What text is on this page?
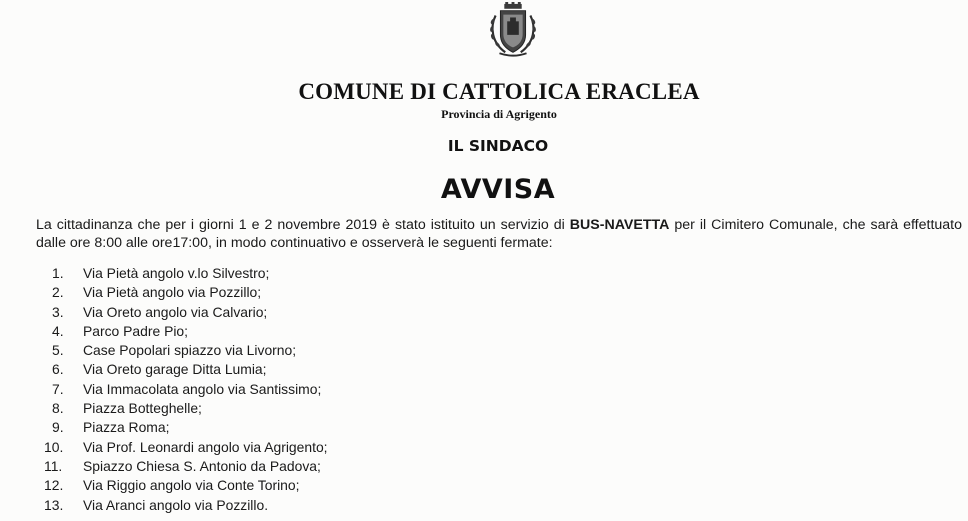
COMUNE DI CATTOLICA ERACLEA
Provincia di Agrigento
IL SINDACO
AVVISA

La cittadinanza che per i giorni 1 e 2 novembre 2019 è stato istituito un servizio di BUS-NAVETTA per il Cimitero Comunale, che sarà effettuato dalle ore 8:00 alle ore17:00, in modo continuativo e osserverà le seguenti fermate:

1. Via Pietà angolo v.lo Silvestro;
2. Via Pietà angolo via Pozzillo;
3. Via Oreto angolo via Calvario;
4. Parco Padre Pio;
5. Case Popolari spiazzo via Livorno;
6. Via Oreto garage Ditta Lumia;
7. Via Immacolata angolo via Santissimo;
8. Piazza Botteghelle;
9. Piazza Roma;
10. Via Prof. Leonardi angolo via Agrigento;
11. Spiazzo Chiesa S. Antonio da Padova;
12. Via Riggio angolo via Conte Torino;
13. Via Aranci angolo via Pozzillo.
